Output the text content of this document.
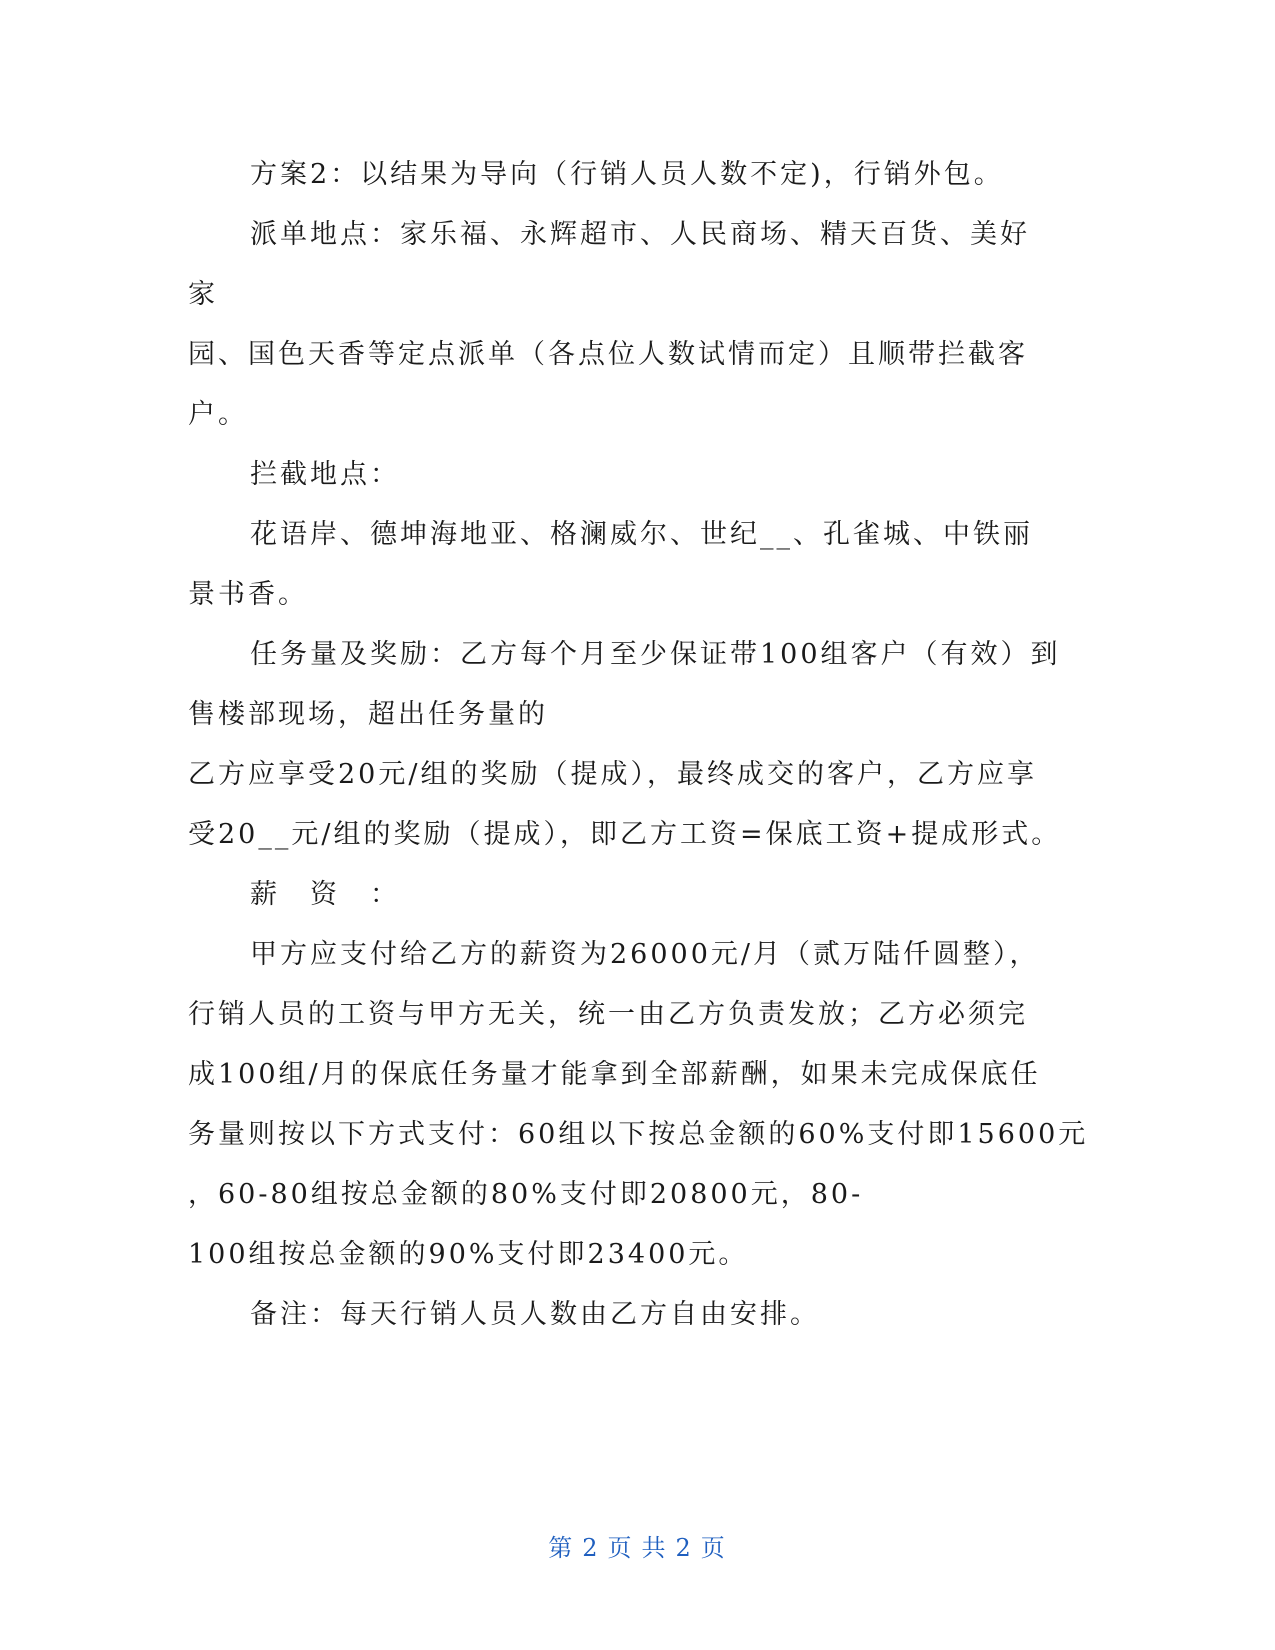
方案2：以结果为导向（行销人员人数不定)，行销外包。
派单地点：家乐福、永辉超市、人民商场、精天百货、美好
家
园、国色天香等定点派单（各点位人数试情而定）且顺带拦截客
户。
拦截地点：
花语岸、德坤海地亚、格澜威尔、世纪__、孔雀城、中铁丽
景书香。
任务量及奖励：乙方每个月至少保证带100组客户（有效）到
售楼部现场，超出任务量的
乙方应享受20元/组的奖励（提成），最终成交的客户，乙方应享
受20__元/组的奖励（提成），即乙方工资=保底工资+提成形式。
薪　资　：
甲方应支付给乙方的薪资为26000元/月（贰万陆仟圆整），
行销人员的工资与甲方无关，统一由乙方负责发放；乙方必须完
成100组/月的保底任务量才能拿到全部薪酬，如果未完成保底任
务量则按以下方式支付：60组以下按总金额的60%支付即15600元
，60-80组按总金额的80%支付即20800元，80-
100组按总金额的90%支付即23400元。
备注：每天行销人员人数由乙方自由安排。
第 2 页 共 2 页
